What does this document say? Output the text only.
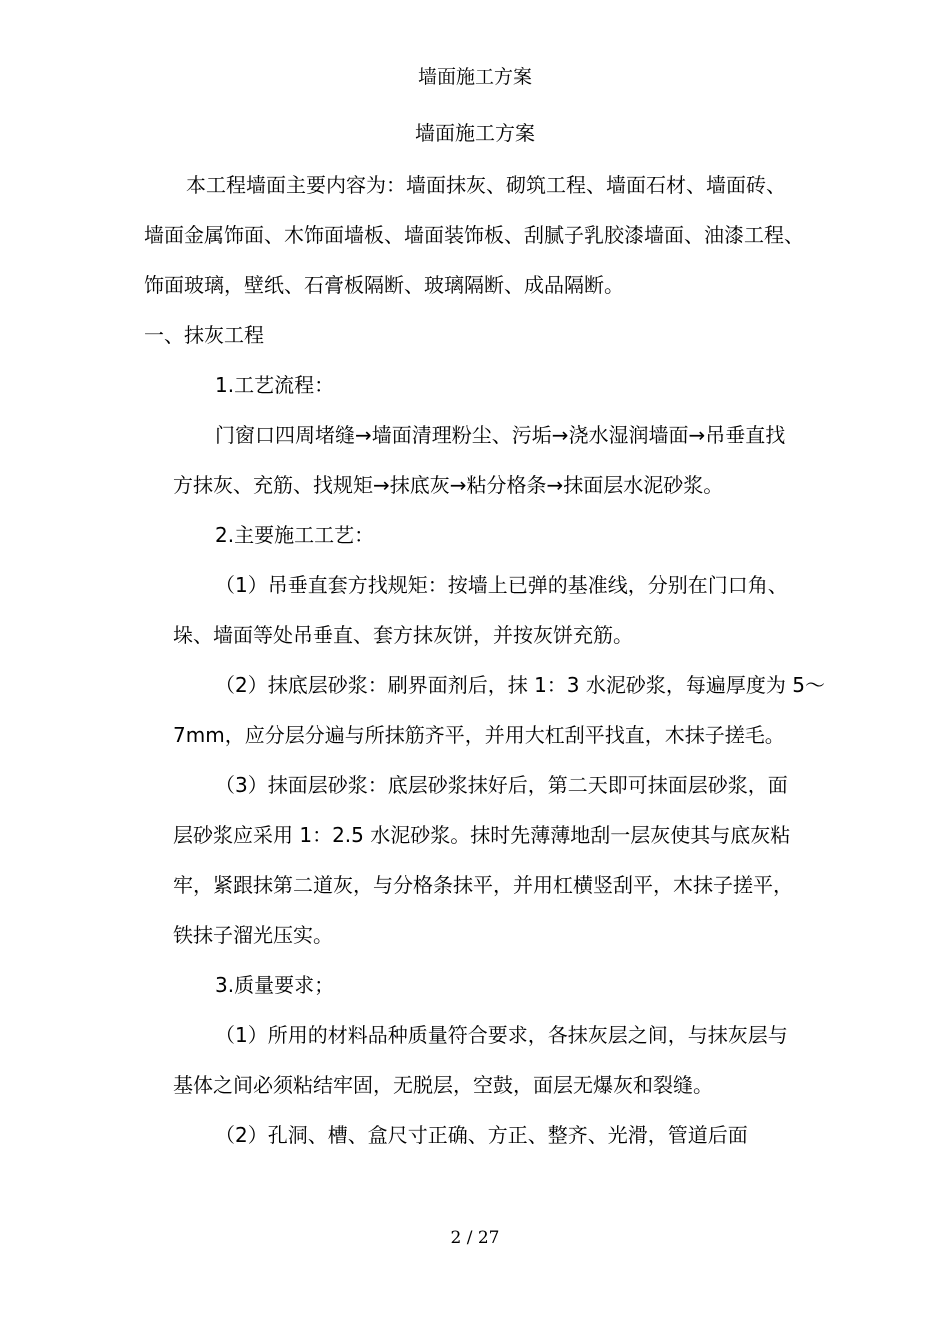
墙面施工方案
墙面施工方案

本工程墙面主要内容为：墙面抹灰、砌筑工程、墙面石材、墙面砖、

墙面金属饰面、木饰面墙板、墙面装饰板、刮腻子乳胶漆墙面、油漆工程、

饰面玻璃，壁纸、石膏板隔断、玻璃隔断、成品隔断。

一、抹灰工程

1.工艺流程：

门窗口四周堵缝→墙面清理粉尘、污垢→浇水湿润墙面→吊垂直找

方抹灰、充筋、找规矩→抹底灰→粘分格条→抹面层水泥砂浆。

2.主要施工工艺：

（1）吊垂直套方找规矩：按墙上已弹的基准线，分别在门口角、

垛、墙面等处吊垂直、套方抹灰饼，并按灰饼充筋。

（2）抹底层砂浆：刷界面剂后，抹 1：3 水泥砂浆，每遍厚度为 5～

7mm，应分层分遍与所抹筋齐平，并用大杠刮平找直，木抹子搓毛。

（3）抹面层砂浆：底层砂浆抹好后，第二天即可抹面层砂浆，面

层砂浆应采用 1：2.5 水泥砂浆。抹时先薄薄地刮一层灰使其与底灰粘

牢，紧跟抹第二道灰，与分格条抹平，并用杠横竖刮平，木抹子搓平，

铁抹子溜光压实。

3.质量要求；

（1）所用的材料品种质量符合要求，各抹灰层之间，与抹灰层与

基体之间必须粘结牢固，无脱层，空鼓，面层无爆灰和裂缝。

（2）孔洞、槽、盒尺寸正确、方正、整齐、光滑，管道后面

2 / 27
